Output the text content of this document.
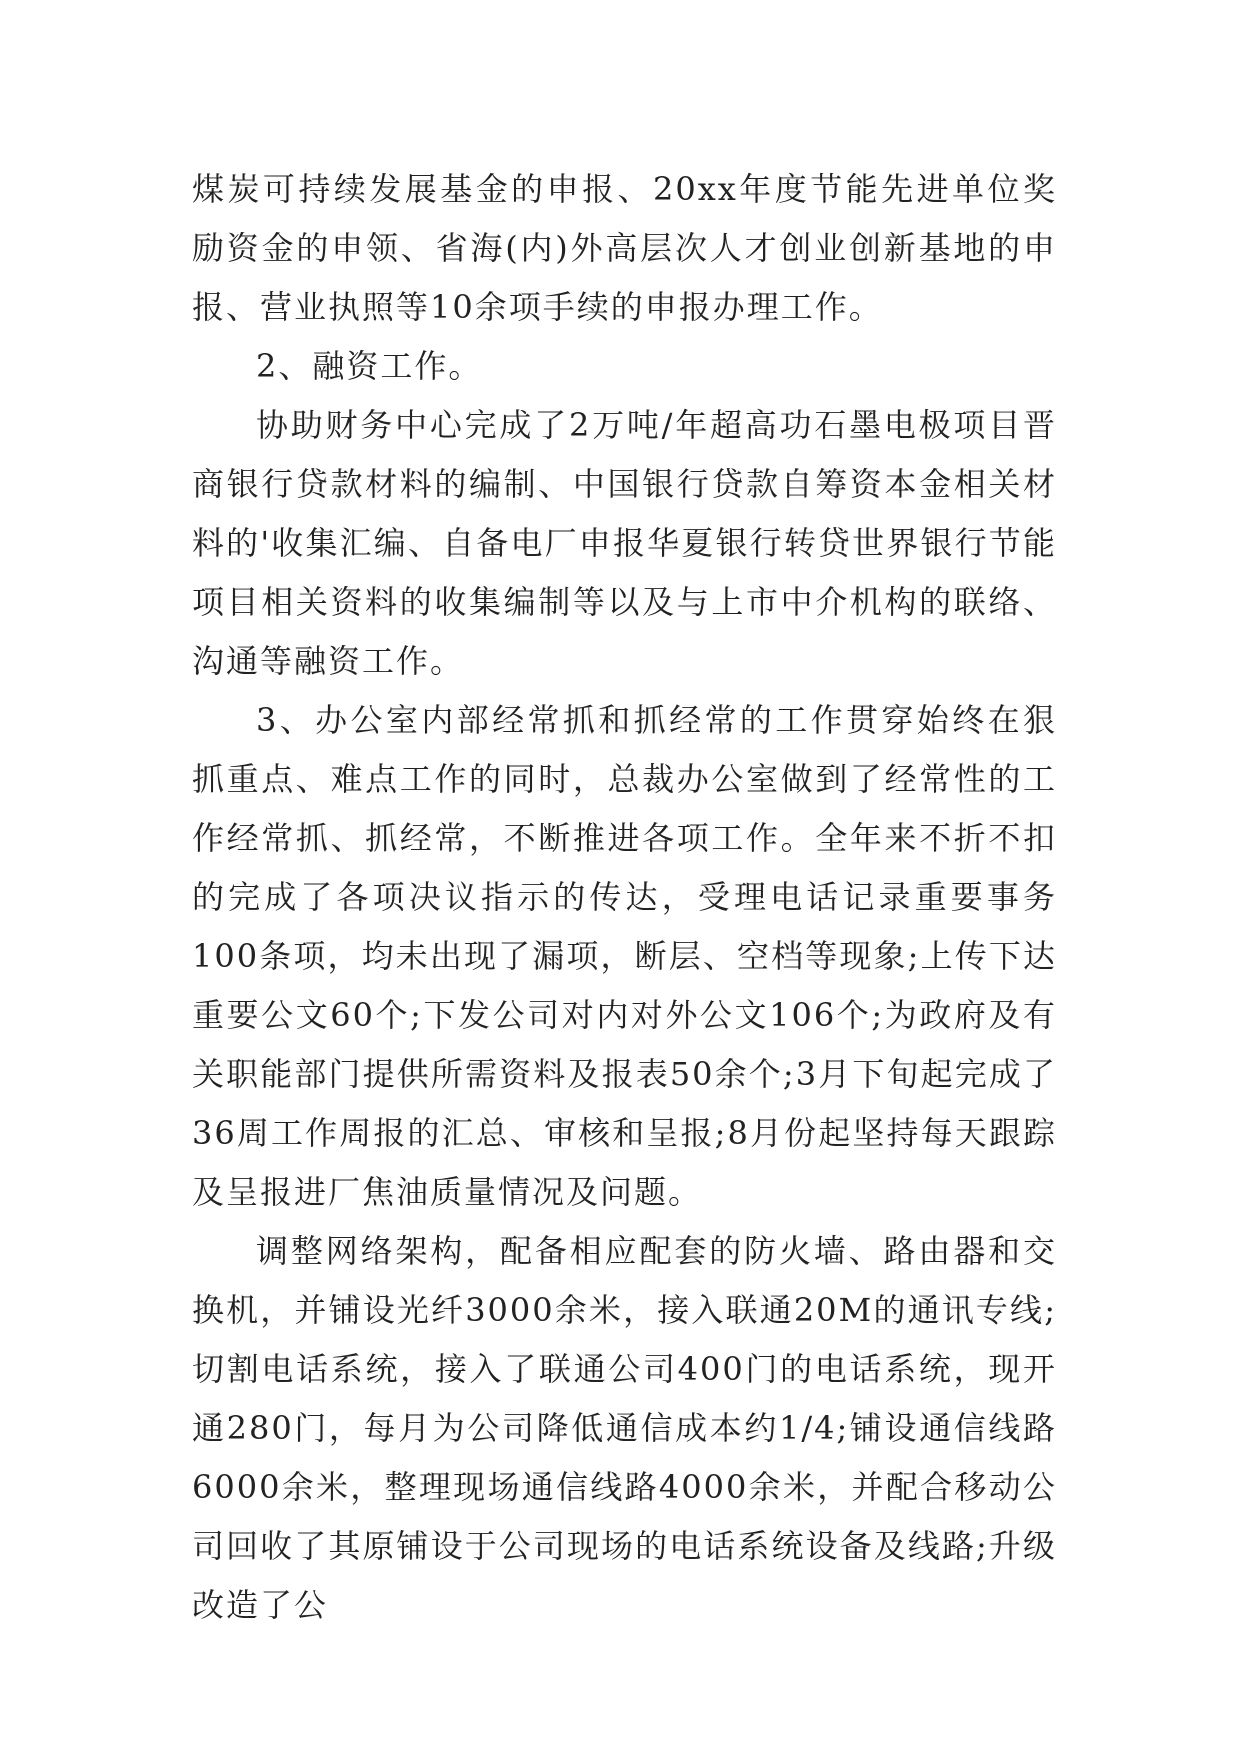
煤炭可持续发展基金的申报、20xx年度节能先进单位奖励资金的申领、省海(内)外高层次人才创业创新基地的申报、营业执照等10余项手续的申报办理工作。

2、融资工作。

协助财务中心完成了2万吨/年超高功石墨电极项目晋商银行贷款材料的编制、中国银行贷款自筹资本金相关材料的'收集汇编、自备电厂申报华夏银行转贷世界银行节能项目相关资料的收集编制等以及与上市中介机构的联络、沟通等融资工作。

3、办公室内部经常抓和抓经常的工作贯穿始终在狠抓重点、难点工作的同时，总裁办公室做到了经常性的工作经常抓、抓经常，不断推进各项工作。全年来不折不扣的完成了各项决议指示的传达，受理电话记录重要事务100条项，均未出现了漏项，断层、空档等现象;上传下达重要公文60个;下发公司对内对外公文106个;为政府及有关职能部门提供所需资料及报表50余个;3月下旬起完成了36周工作周报的汇总、审核和呈报;8月份起坚持每天跟踪及呈报进厂焦油质量情况及问题。

调整网络架构，配备相应配套的防火墙、路由器和交换机，并铺设光纤3000余米，接入联通20M的通讯专线;切割电话系统，接入了联通公司400门的电话系统，现开通280门，每月为公司降低通信成本约1/4;铺设通信线路6000余米，整理现场通信线路4000余米，并配合移动公司回收了其原铺设于公司现场的电话系统设备及线路;升级改造了公
